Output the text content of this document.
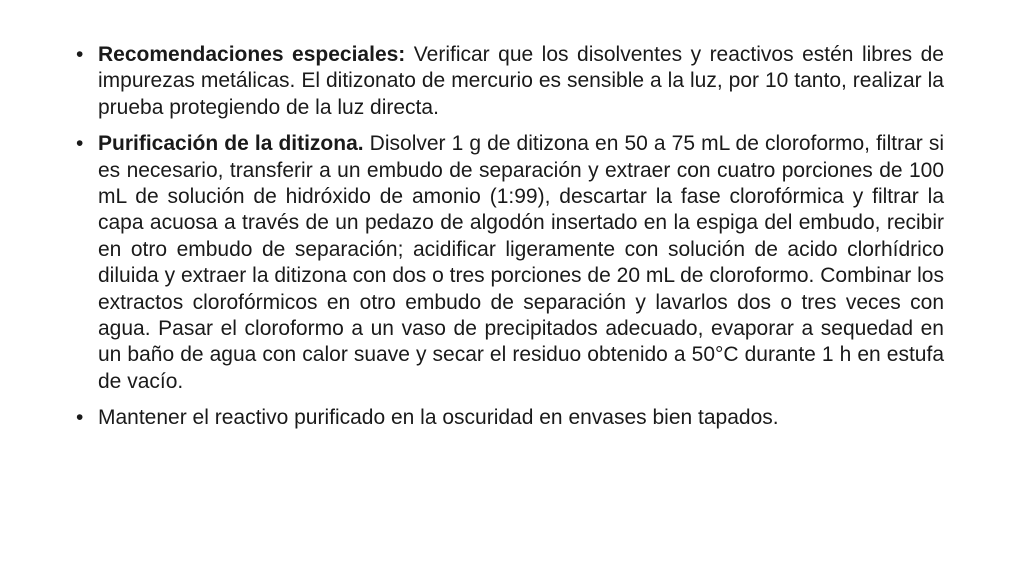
• Recomendaciones especiales: Verificar que los disolventes y reactivos estén libres de impurezas metálicas. El ditizonato de mercurio es sensible a la luz, por 10 tanto, realizar la prueba protegiendo de la luz directa.
• Purificación de la ditizona. Disolver 1 g de ditizona en 50 a 75 mL de cloroformo, filtrar si es necesario, transferir a un embudo de separación y extraer con cuatro porciones de 100 mL de solución de hidróxido de amonio (1:99), descartar la fase clorofórmica y filtrar la capa acuosa a través de un pedazo de algodón insertado en la espiga del embudo, recibir en otro embudo de separación; acidificar ligeramente con solución de acido clorhídrico diluida y extraer la ditizona con dos o tres porciones de 20 mL de cloroformo. Combinar los extractos clorofórmicos en otro embudo de separación y lavarlos dos o tres veces con agua. Pasar el cloroformo a un vaso de precipitados adecuado, evaporar a sequedad en un baño de agua con calor suave y secar el residuo obtenido a 50°C durante 1 h en estufa de vacío.
• Mantener el reactivo purificado en la oscuridad en envases bien tapados.
